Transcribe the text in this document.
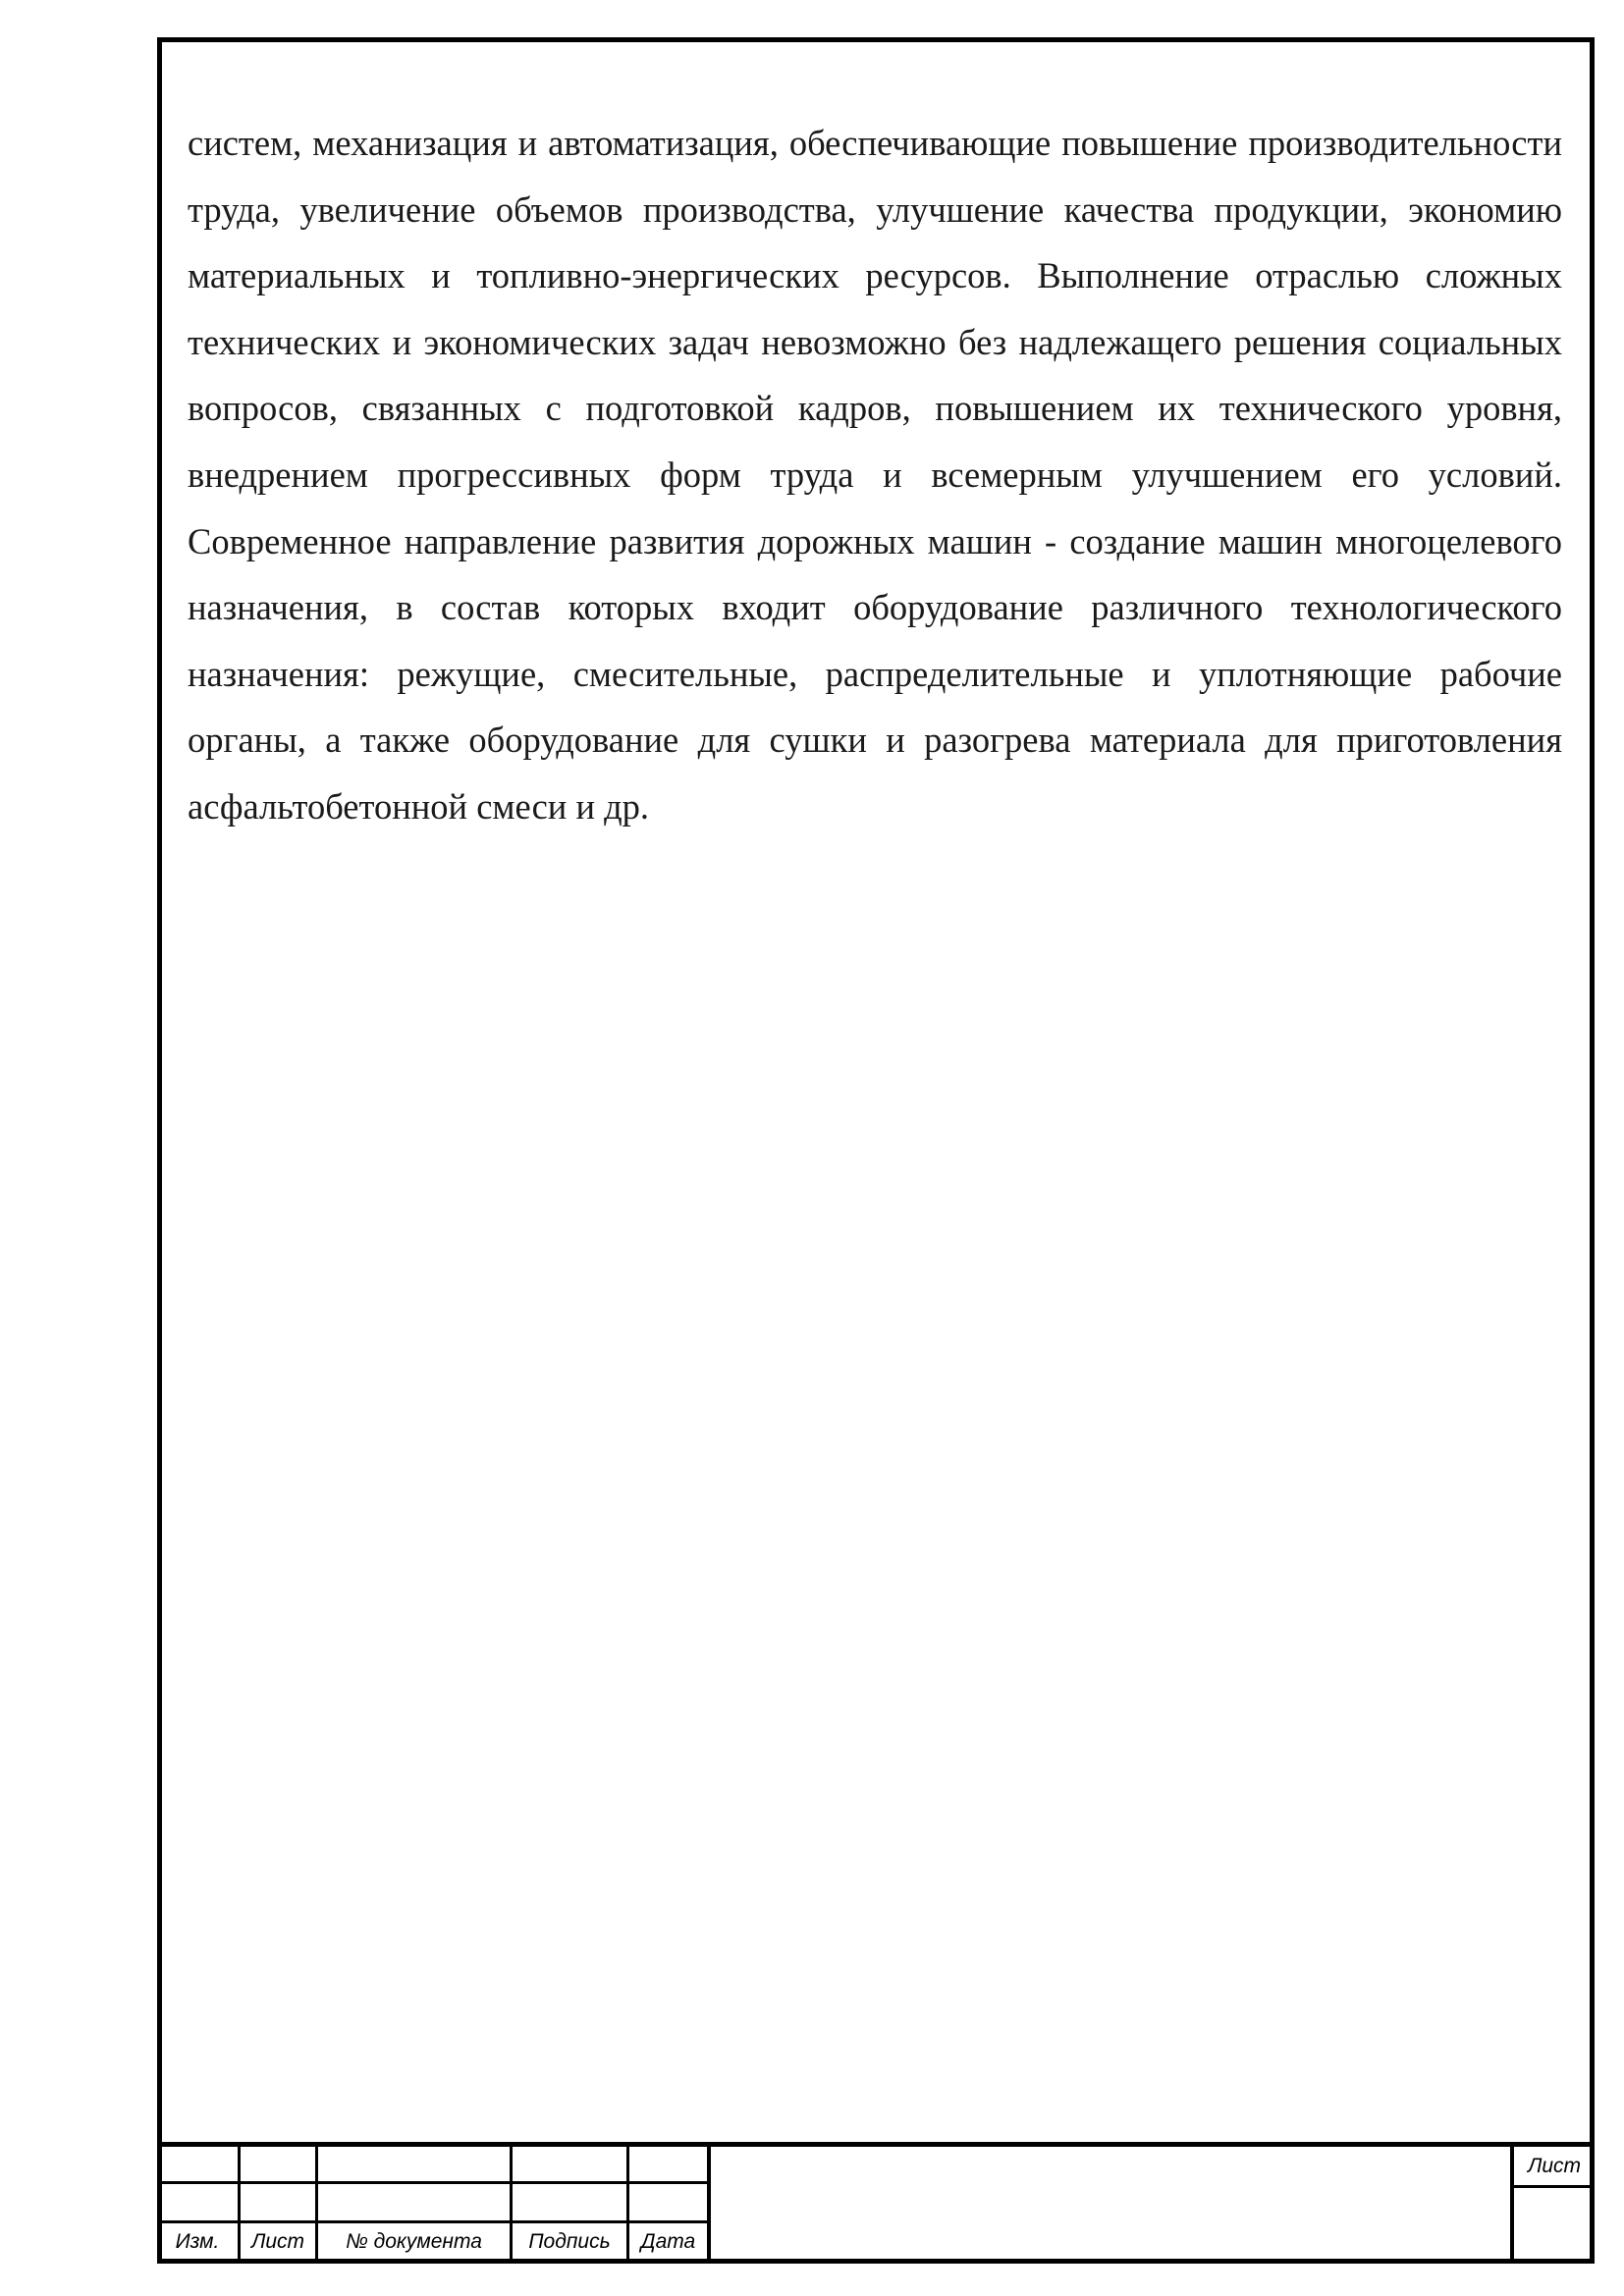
систем, механизация и автоматизация, обеспечивающие повышение производительности труда, увеличение объемов производства, улучшение качества продукции, экономию материальных и топливно-энергических ресурсов. Выполнение отраслью сложных технических и экономических задач невозможно без надлежащего решения социальных вопросов, связанных с подготовкой кадров, повышением их технического уровня, внедрением прогрессивных форм труда и всемерным улучшением его условий. Современное направление развития дорожных машин - создание машин многоцелевого назначения, в состав которых входит оборудование различного технологического назначения: режущие, смесительные, распределительные и уплотняющие рабочие органы, а также оборудование для сушки и разогрева материала для приготовления асфальтобетонной смеси и др.

Изм.	Лист	№ документа	Подпись	Дата
Лист
